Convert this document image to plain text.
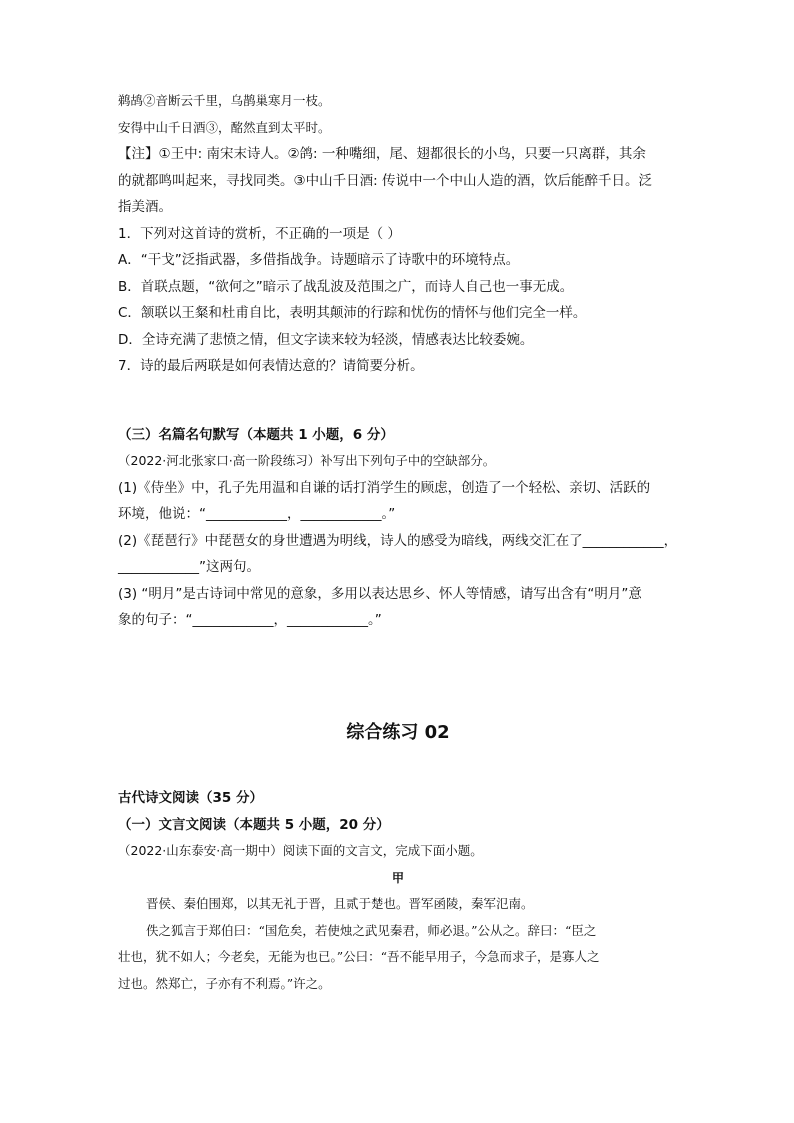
鹈鸪②音断云千里，乌鹊巢寒月一枝。

安得中山千日酒③，酩然直到太平时。

【注】①王中: 南宋末诗人。②鸽: 一种嘴细，尾、翅都很长的小鸟，只要一只离群，其余

的就都鸣叫起来，寻找同类。③中山千日酒: 传说中一个中山人造的酒，饮后能醉千日。泛

指美酒。

1．下列对这首诗的赏析，不正确的一项是（ ）

A．“干戈”泛指武器，多借指战争。诗题暗示了诗歌中的环境特点。

B．首联点题，“欲何之”暗示了战乱波及范围之广，而诗人自己也一事无成。

C．颔联以王粲和杜甫自比，表明其颠沛的行踪和忧伤的情怀与他们完全一样。

D．全诗充满了悲愤之情，但文字读来较为轻淡，情感表达比较委婉。

7．诗的最后两联是如何表情达意的？请简要分析。

（三）名篇名句默写（本题共 1 小题，6 分）

（2022·河北张家口·高一阶段练习）补写出下列句子中的空缺部分。

(1)《侍坐》中，孔子先用温和自谦的话打消学生的顾虑，创造了一个轻松、亲切、活跃的

环境，他说：“____________，____________。”

(2)《琵琶行》中琵琶女的身世遭遇为明线，诗人的感受为暗线，两线交汇在了____________，

____________”这两句。

(3) “明月”是古诗词中常见的意象，多用以表达思乡、怀人等情感，请写出含有“明月”意

象的句子：“____________，____________。”

综合练习 02

古代诗文阅读（35 分）

（一）文言文阅读（本题共 5 小题，20 分）

（2022·山东泰安·高一期中）阅读下面的文言文，完成下面小题。

甲

晋侯、秦伯围郑，以其无礼于晋，且贰于楚也。晋军函陵，秦军氾南。

佚之狐言于郑伯曰：“国危矣，若使烛之武见秦君，师必退。”公从之。辞曰：“臣之

壮也，犹不如人；今老矣，无能为也已。”公曰：“吾不能早用子，今急而求子，是寡人之

过也。然郑亡，子亦有不利焉。”许之。
